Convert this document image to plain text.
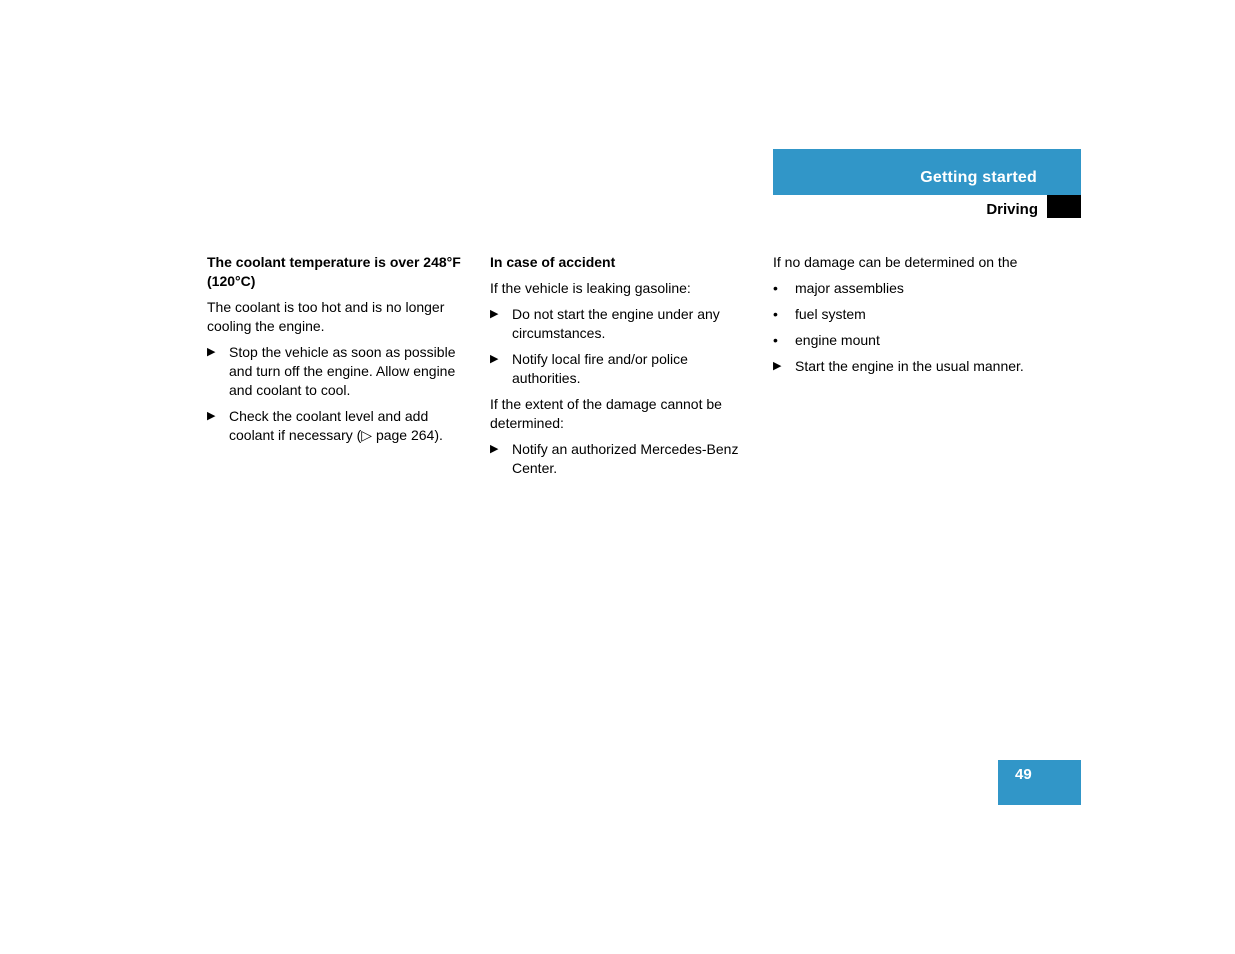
Getting started
Driving

The coolant temperature is over 248°F (120°C)

The coolant is too hot and is no longer cooling the engine.

▶ Stop the vehicle as soon as possible and turn off the engine. Allow engine and coolant to cool.
▶ Check the coolant level and add coolant if necessary (▷ page 264).

In case of accident

If the vehicle is leaking gasoline:

▶ Do not start the engine under any circumstances.
▶ Notify local fire and/or police authorities.

If the extent of the damage cannot be determined:

▶ Notify an authorized Mercedes-Benz Center.

If no damage can be determined on the

• major assemblies
• fuel system
• engine mount
▶ Start the engine in the usual manner.
49
